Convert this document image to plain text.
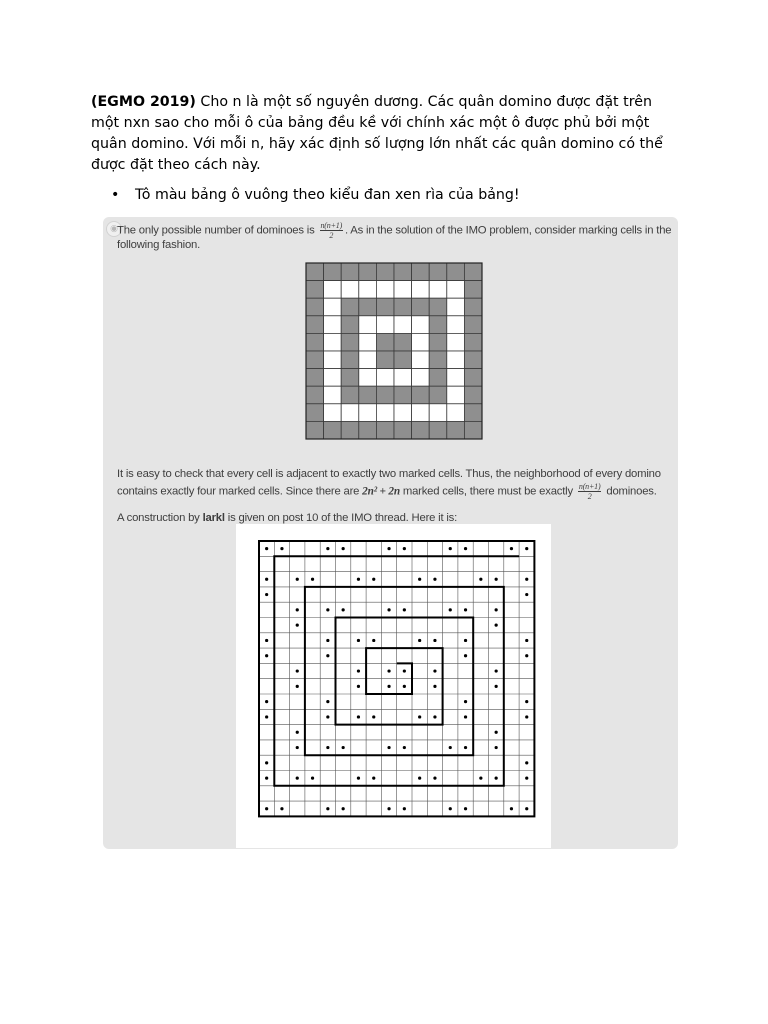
(EGMO 2019) Cho n là một số nguyên dương. Các quân domino được đặt trên một nxn sao cho mỗi ô của bảng đều kề với chính xác một ô được phủ bởi một quân domino. Với mỗi n, hãy xác định số lượng lớn nhất các quân domino có thể được đặt theo cách này.
• Tô màu bảng ô vuông theo kiểu đan xen rìa của bảng!
◉ The only possible number of dominoes is $\frac{n(n+1)}{2}$ . As in the solution of the IMO problem, consider marking cells in the
following fashion.
It is easy to check that every cell is adjacent to exactly two marked cells. Thus, the neighborhood of every domino
contains exactly four marked cells. Since there are 2n² + 2n marked cells, there must be exactly $\frac{n(n+1)}{2}$ dominoes.
A construction by larkl is given on post 10 of the IMO thread. Here it is:
